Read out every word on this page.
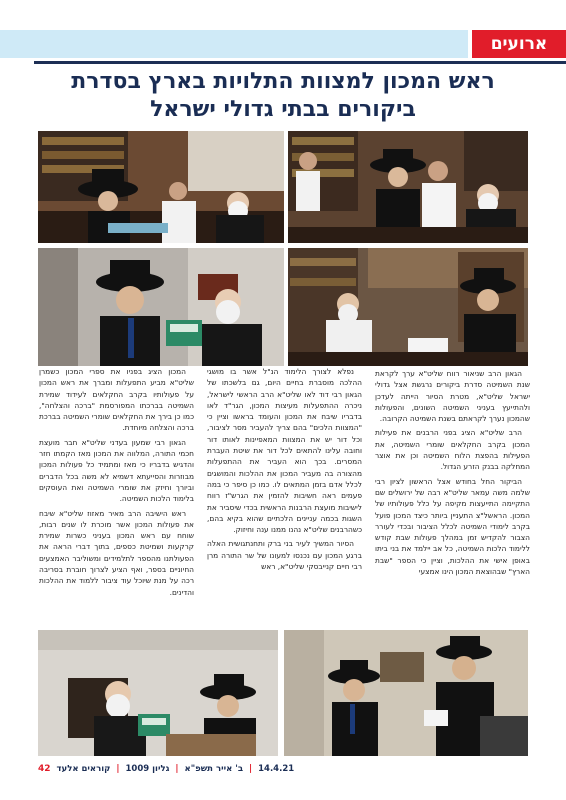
ארועים
ראש המכון למצוות התלויות בארץ בסדרת
ביקורים בבתי גדולי ישראל

הגאון הרב שניאור רווח שליט"א ערך לקראת שנת השמיטה סדרת ביקורים נרגשת אצל גדולי ישראל שליט"א, מטרת הסיור הייתה לעדכן ולהתייעץ בעניני השמיטה השונים, והפעולות שהמכון נערך לקראתם בשנת השמיטה הקרובה.

הרב שליט"א הציג בפני הרבנים את פעילות המכון בקרב החקלאים שומרי השמיטה, את הפעילות בהפצת הלוח השמיטה וכן את אוצר המחלקה בבנק הזרע הגדול.

הביקור החל בחודש אצל הראשון לציון רבי שלמה משה עמאר שליט"א רבה של ירושלים שם התקיימה התייעצות מקיפה על כלל פעולותיו של המכון. הראשל"צ התעניין ביותר כיצד המכון פועל בקרב לימודי השמיטה לכלל הציבור ובכדי לעורר הצבור להקדיש זמן במהלך פעולות שבת קודש ללימוד הלכות השמיטה, כל אב יילמד את בני ביתו באופן אישי את ההלכות, וציין כי הספר "שבת הארץ" שבהוצאת המכון הינו אמצעי

נפלא לצורך הלימוד הנ"ל אשר בו מושגי ההלכה מוסברת בחיים היום, גם בלשכתו של הגאון רבי דוד לאו שליט"א הרב הראשי לישראל, ניכרה ההתפעלות מעיצות המכון, הגר"ד לאו בדבריו שיבח את המכון והעומד בראשו וציין כי "המצוות הלכים" בהם צריך להעביר מסר לציבור, וכל דור יש את המצוות המאפיינות לאותו דור וחובה עלינו להתאים לכל דור את שיטת העברת המסרים. בכך הוא העביר את ההתפעלות מהצורה בה מעביר המכון את ההלכות והמושגים לכלל אדם בזמן המתאים לו. כמו כן סיפר כי במה פעמים ראה חשיבות להזמין את הגרש"ז רווח לישיבות מועצת הרבנות הראשית בכדי שיסביר את השגות בכמה עניינים הלכתיים שהוא בקיא בהם, כשהרבנים שליט"א נהנו ממנו ענה וחיזוק.

הסיור המשיך לעיר בני ברק ותחנתגושית האלה ברגע המכון עם נכנסו למעונו של שר התורה מרן רבי חיים קנייבסקי שליט"א, ראש

המכון הציג בפניו את ספרי המכון כשמרן שליט"א מביע התפעלות ומברך את ראש המכון על פעולותיו בקרב החקלאים לעידוד שמירת השמיטה בברכתו המפורסמת "ברכה והצלחה", כמו כן בירך את החקלאים שומרי השמיטה בברכת ברכה והצלחה מיוחדת.

הגאון רבי שמעון בעדני שליט"א חבר מועצת חכמי התורה, המלווה את המכון מאז הקמתו חזר והדגיש בדבריו כי מאז ומתמיד כל פעולות המכון מבוזרות והסייעתא דשמיא לא משה בכל הדברים וביורך וחיזק את שומרי השמיטה ואת העוסקים בלימוד הלכות השמיטה.

ראש הישיבה הרב מאיר מאזוז שליט"א שיבח את פעולות המכון אשר מוכרת לו שנים רבות, שוחח עם ראש המכון בעניני כשרות שמירת קרקעות ושמיטת כספים, בתוך דברי הראה את הפעולתנו מהספר לתלמידים ומשוליבר האמצעים החיוניים בספר, ואף הציע לצרוך חוברת בסריבה רכה על מנת שיוכל עוד ציבור ללמוד את ההלכות והדינים.

14.4.21
|
ב' אייר תשפ"א
|
גליון 1009
|
קוראים אלעד
42
